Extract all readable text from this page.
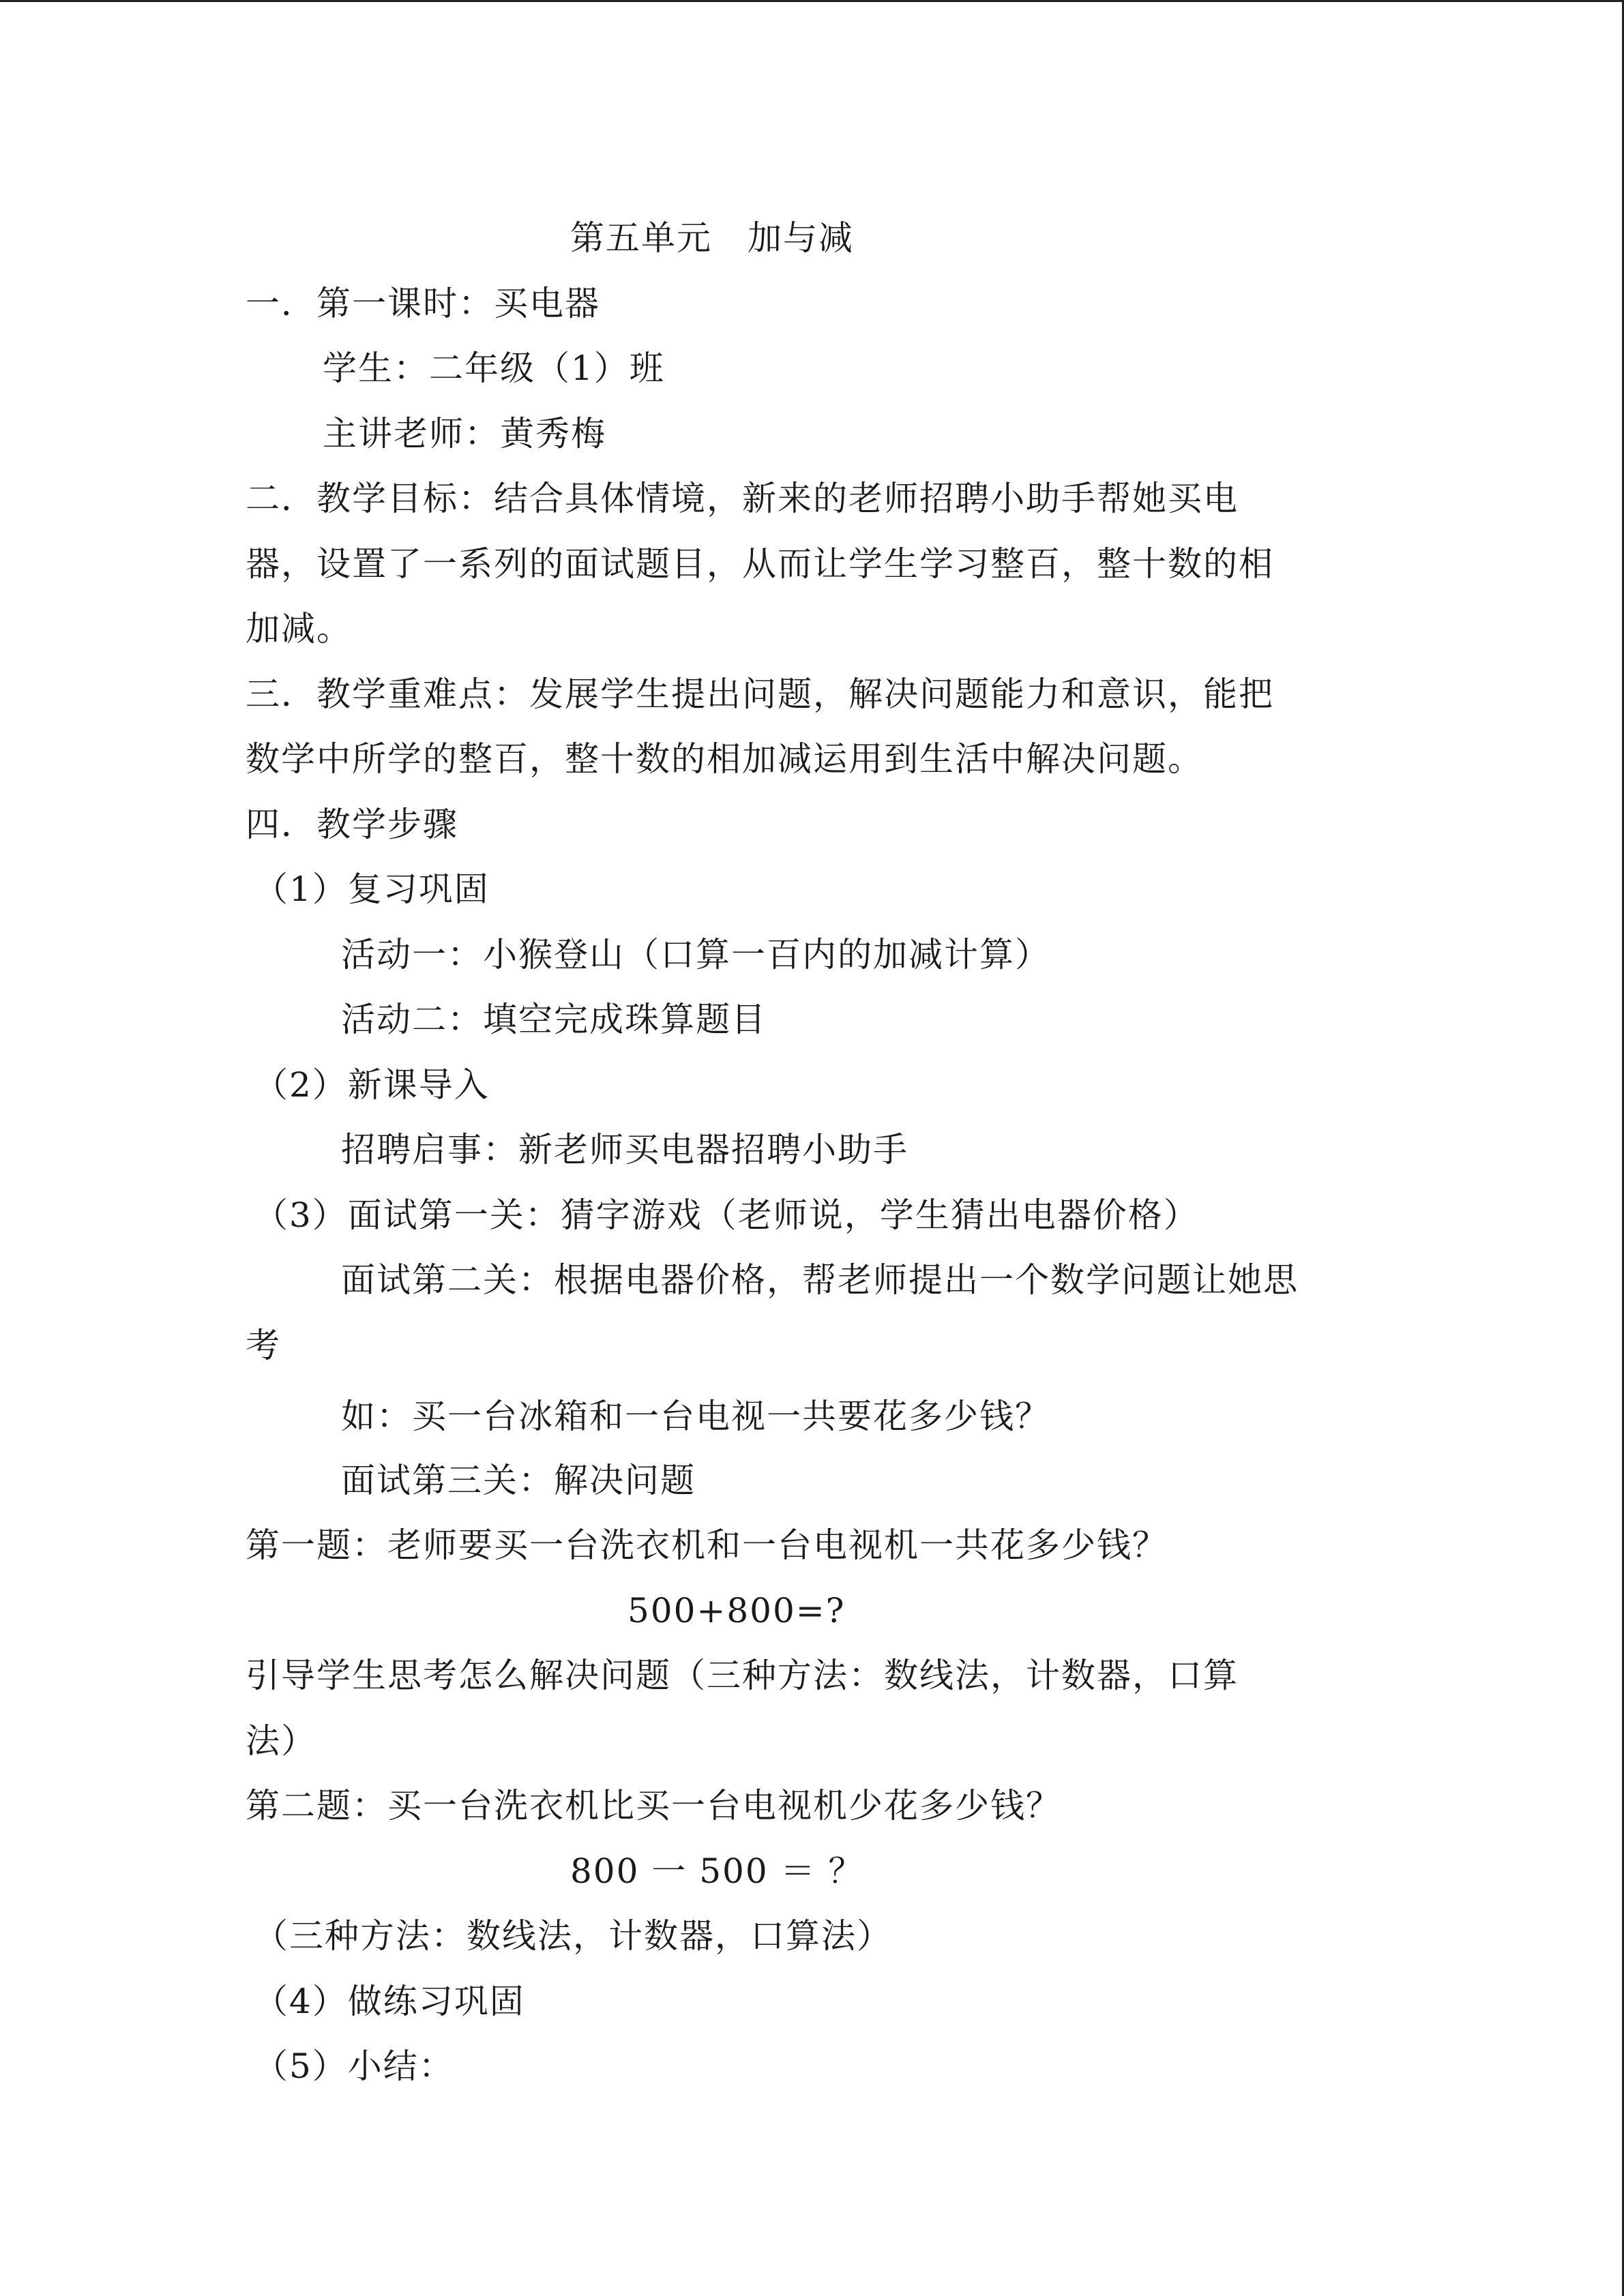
第五单元　加与减
一．第一课时：买电器
学生：二年级（1）班
主讲老师：黄秀梅
二．教学目标：结合具体情境，新来的老师招聘小助手帮她买电
器，设置了一系列的面试题目，从而让学生学习整百，整十数的相
加减。
三．教学重难点：发展学生提出问题，解决问题能力和意识，能把
数学中所学的整百，整十数的相加减运用到生活中解决问题。
四．教学步骤
（1）复习巩固
活动一：小猴登山（口算一百内的加减计算）
活动二：填空完成珠算题目
（2）新课导入
招聘启事：新老师买电器招聘小助手
（3）面试第一关：猜字游戏（老师说，学生猜出电器价格）
面试第二关：根据电器价格，帮老师提出一个数学问题让她思
考
如：买一台冰箱和一台电视一共要花多少钱？
面试第三关：解决问题
第一题：老师要买一台洗衣机和一台电视机一共花多少钱？
500+800=?
引导学生思考怎么解决问题（三种方法：数线法，计数器，口算
法）
第二题：买一台洗衣机比买一台电视机少花多少钱？
800 一 500 ＝ ？
（三种方法：数线法，计数器，口算法）
（4）做练习巩固
（5）小结：
